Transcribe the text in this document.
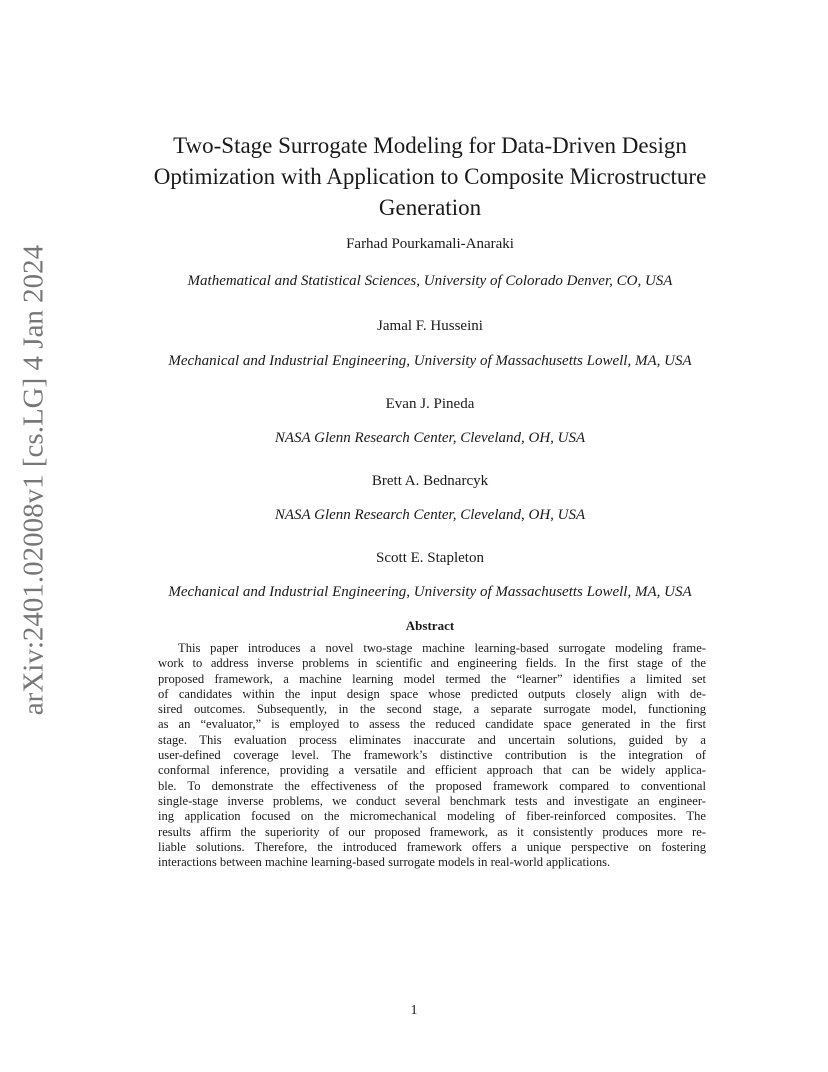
arXiv:2401.02008v1 [cs.LG] 4 Jan 2024
Two-Stage Surrogate Modeling for Data-Driven Design
Optimization with Application to Composite Microstructure
Generation
Farhad Pourkamali-Anaraki
Mathematical and Statistical Sciences, University of Colorado Denver, CO, USA
Jamal F. Husseini
Mechanical and Industrial Engineering, University of Massachusetts Lowell, MA, USA
Evan J. Pineda
NASA Glenn Research Center, Cleveland, OH, USA
Brett A. Bednarcyk
NASA Glenn Research Center, Cleveland, OH, USA
Scott E. Stapleton
Mechanical and Industrial Engineering, University of Massachusetts Lowell, MA, USA
Abstract
This paper introduces a novel two-stage machine learning-based surrogate modeling frame-
work to address inverse problems in scientific and engineering fields. In the first stage of the
proposed framework, a machine learning model termed the “learner” identifies a limited set
of candidates within the input design space whose predicted outputs closely align with de-
sired outcomes. Subsequently, in the second stage, a separate surrogate model, functioning
as an “evaluator,” is employed to assess the reduced candidate space generated in the first
stage. This evaluation process eliminates inaccurate and uncertain solutions, guided by a
user-defined coverage level. The framework’s distinctive contribution is the integration of
conformal inference, providing a versatile and efficient approach that can be widely applica-
ble. To demonstrate the effectiveness of the proposed framework compared to conventional
single-stage inverse problems, we conduct several benchmark tests and investigate an engineer-
ing application focused on the micromechanical modeling of fiber-reinforced composites. The
results affirm the superiority of our proposed framework, as it consistently produces more re-
liable solutions. Therefore, the introduced framework offers a unique perspective on fostering
interactions between machine learning-based surrogate models in real-world applications.
1
